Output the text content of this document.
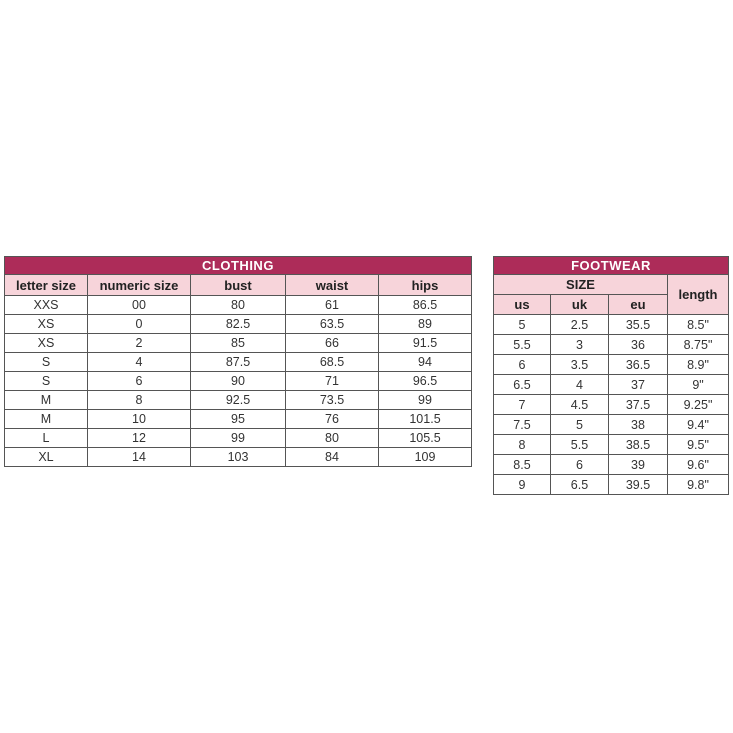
CLOTHING				
letter size	numeric size	bust	waist	hips
XXS	00	80	61	86.5
XS	0	82.5	63.5	89
XS	2	85	66	91.5
S	4	87.5	68.5	94
S	6	90	71	96.5
M	8	92.5	73.5	99
M	10	95	76	101.5
L	12	99	80	105.5
XL	14	103	84	109
FOOTWEAR			
SIZE			length
us	uk	eu	
5	2.5	35.5	8.5"
5.5	3	36	8.75"
6	3.5	36.5	8.9"
6.5	4	37	9"
7	4.5	37.5	9.25"
7.5	5	38	9.4"
8	5.5	38.5	9.5"
8.5	6	39	9.6"
9	6.5	39.5	9.8"
